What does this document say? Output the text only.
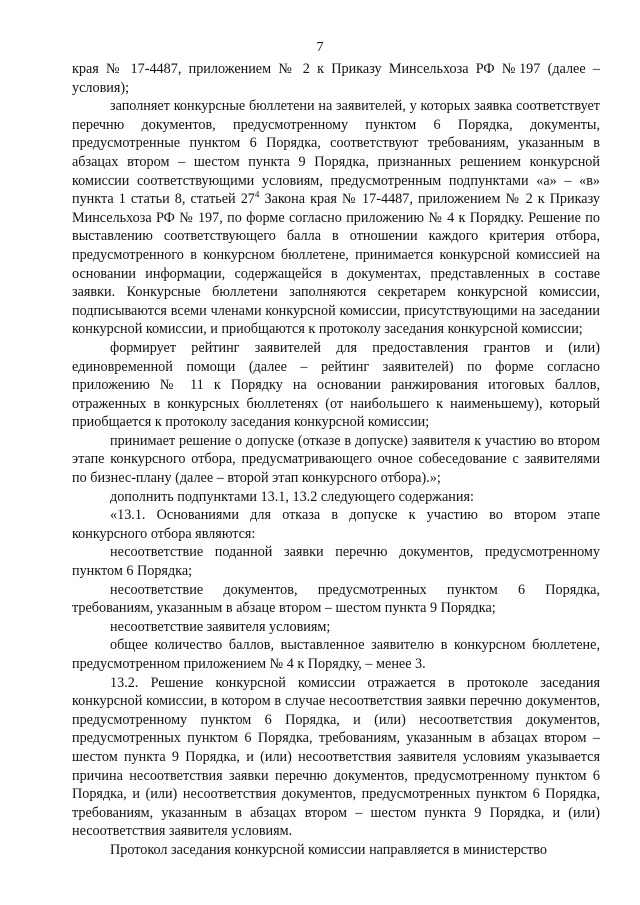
7

края № 17-4487, приложением № 2 к Приказу Минсельхоза РФ №197 (далее – условия);

заполняет конкурсные бюллетени на заявителей, у которых заявка соответствует перечню документов, предусмотренному пунктом 6 Порядка, документы, предусмотренные пунктом 6 Порядка, соответствуют требованиям, указанным в абзацах втором – шестом пункта 9 Порядка, признанных решением конкурсной комиссии соответствующими условиям, предусмотренным подпунктами «а» – «в» пункта 1 статьи 8, статьей $27^4$ Закона края № 17-4487, приложением № 2 к Приказу Минсельхоза РФ № 197, по форме согласно приложению № 4 к Порядку. Решение по выставлению соответствующего балла в отношении каждого критерия отбора, предусмотренного в конкурсном бюллетене, принимается конкурсной комиссией на основании информации, содержащейся в документах, представленных в составе заявки. Конкурсные бюллетени заполняются секретарем конкурсной комиссии, подписываются всеми членами конкурсной комиссии, присутствующими на заседании конкурсной комиссии, и приобщаются к протоколу заседания конкурсной комиссии;

формирует рейтинг заявителей для предоставления грантов и (или) единовременной помощи (далее – рейтинг заявителей) по форме согласно приложению № 11 к Порядку на основании ранжирования итоговых баллов, отраженных в конкурсных бюллетенях (от наибольшего к наименьшему), который приобщается к протоколу заседания конкурсной комиссии;

принимает решение о допуске (отказе в допуске) заявителя к участию во втором этапе конкурсного отбора, предусматривающего очное собеседование с заявителями по бизнес-плану (далее – второй этап конкурсного отбора).»;

дополнить подпунктами 13.1, 13.2 следующего содержания:

«13.1. Основаниями для отказа в допуске к участию во втором этапе конкурсного отбора являются:

несоответствие поданной заявки перечню документов, предусмотренному пунктом 6 Порядка;

несоответствие документов, предусмотренных пунктом 6 Порядка, требованиям, указанным в абзаце втором – шестом пункта 9 Порядка;

несоответствие заявителя условиям;

общее количество баллов, выставленное заявителю в конкурсном бюллетене, предусмотренном приложением № 4 к Порядку, – менее 3.

13.2. Решение конкурсной комиссии отражается в протоколе заседания конкурсной комиссии, в котором в случае несоответствия заявки перечню документов, предусмотренному пунктом 6 Порядка, и (или) несоответствия документов, предусмотренных пунктом 6 Порядка, требованиям, указанным в абзацах втором – шестом пункта 9 Порядка, и (или) несоответствия заявителя условиям указывается причина несоответствия заявки перечню документов, предусмотренному пунктом 6 Порядка, и (или) несоответствия документов, предусмотренных пунктом 6 Порядка, требованиям, указанным в абзацах втором – шестом пункта 9 Порядка, и (или) несоответствия заявителя условиям.

Протокол заседания конкурсной комиссии направляется в министерство
